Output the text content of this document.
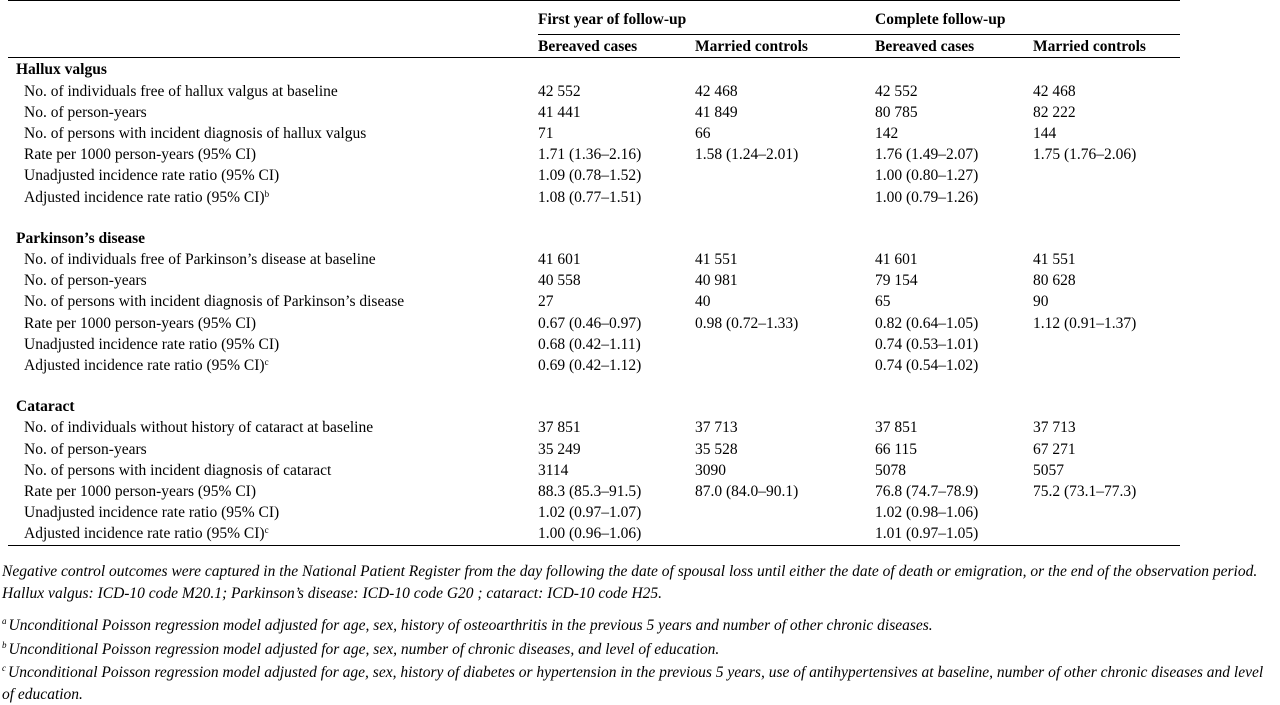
	First year of follow-up		Complete follow-up	
	Bereaved cases	Married controls	Bereaved cases	Married controls
Hallux valgus				
No. of individuals free of hallux valgus at baseline	42 552	42 468	42 552	42 468
No. of person-years	41 441	41 849	80 785	82 222
No. of persons with incident diagnosis of hallux valgus	71	66	142	144
Rate per 1000 person-years (95% CI)	1.71 (1.36–2.16)	1.58 (1.24–2.01)	1.76 (1.49–2.07)	1.75 (1.76–2.06)
Unadjusted incidence rate ratio (95% CI)	1.09 (0.78–1.52)		1.00 (0.80–1.27)	
Adjusted incidence rate ratio (95% CI)$^b$	1.08 (0.77–1.51)		1.00 (0.79–1.26)	

Parkinson’s disease				
No. of individuals free of Parkinson’s disease at baseline	41 601	41 551	41 601	41 551
No. of person-years	40 558	40 981	79 154	80 628
No. of persons with incident diagnosis of Parkinson’s disease	27	40	65	90
Rate per 1000 person-years (95% CI)	0.67 (0.46–0.97)	0.98 (0.72–1.33)	0.82 (0.64–1.05)	1.12 (0.91–1.37)
Unadjusted incidence rate ratio (95% CI)	0.68 (0.42–1.11)		0.74 (0.53–1.01)	
Adjusted incidence rate ratio (95% CI)$^c$	0.69 (0.42–1.12)		0.74 (0.54–1.02)	

Cataract				
No. of individuals without history of cataract at baseline	37 851	37 713	37 851	37 713
No. of person-years	35 249	35 528	66 115	67 271
No. of persons with incident diagnosis of cataract	3114	3090	5078	5057
Rate per 1000 person-years (95% CI)	88.3 (85.3–91.5)	87.0 (84.0–90.1)	76.8 (74.7–78.9)	75.2 (73.1–77.3)
Unadjusted incidence rate ratio (95% CI)	1.02 (0.97–1.07)		1.02 (0.98–1.06)	
Adjusted incidence rate ratio (95% CI)$^c$	1.00 (0.96–1.06)		1.01 (0.97–1.05)	

Negative control outcomes were captured in the National Patient Register from the day following the date of spousal loss until either the date of death or emigration, or the end of the observation period. Hallux valgus: ICD-10 code M20.1; Parkinson’s disease: ICD-10 code G20 ; cataract: ICD-10 code H25.

$^a$ Unconditional Poisson regression model adjusted for age, sex, history of osteoarthritis in the previous 5 years and number of other chronic diseases.

$^b$ Unconditional Poisson regression model adjusted for age, sex, number of chronic diseases, and level of education.

$^c$ Unconditional Poisson regression model adjusted for age, sex, history of diabetes or hypertension in the previous 5 years, use of antihypertensives at baseline, number of other chronic diseases and level of education.
